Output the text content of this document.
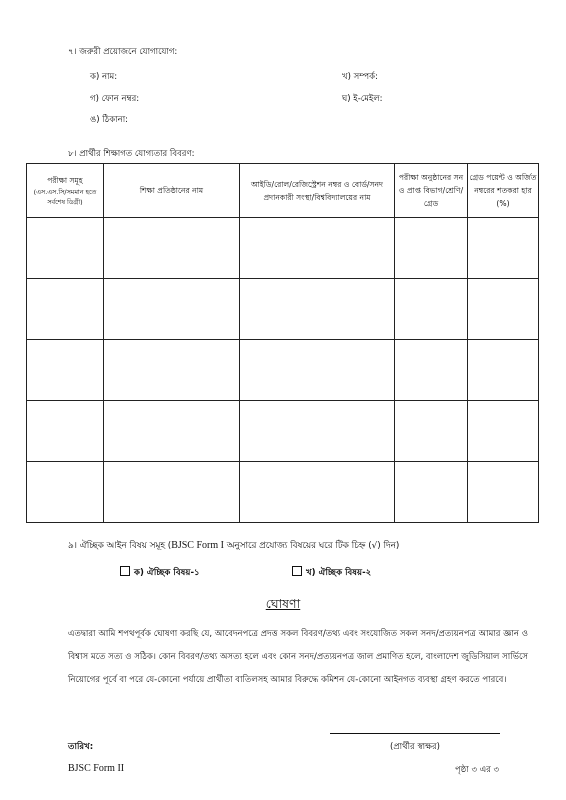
৭। জরুরী প্রয়োজনে যোগাযোগ:
ক) নাম:	খ) সম্পর্ক:
গ) ফোন নম্বর:	ঘ) ই-মেইল:
ঙ) ঠিকানা:
৮। প্রার্থীর শিক্ষাগত যোগ্যতার বিবরণ:
পরীক্ষা সমূহ
(এস.এস.সি/সমমান হতে সর্বশেষ ডিগ্রী)	শিক্ষা প্রতিষ্ঠানের নাম	আইডি/রোল/রেজিস্ট্রেশন নম্বর ও বোর্ড/সনদ প্রদানকারী সংস্থা/বিশ্ববিদ্যালয়ের নাম	পরীক্ষা অনুষ্ঠানের সন ও প্রাপ্ত বিভাগ/শ্রেণি/গ্রেড	গ্রেড পয়েন্ট ও অর্জিত নম্বরের শতকরা হার (%)

৯। ঐচ্ছিক আইন বিষয় সমূহ (BJSC Form I অনুসারে প্রযোজ্য বিষয়ের ঘরে টিক চিহ্ন (√) দিন)
ক) ঐচ্ছিক বিষয়-১	খ) ঐচ্ছিক বিষয়-২
ঘোষণা
এতদ্বারা আমি শপথপূর্বক ঘোষণা করছি যে, আবেদনপত্রে প্রদত্ত সকল বিবরণ/তথ্য এবং সংযোজিত সকল সনদ/প্রত্যয়নপত্র আমার জ্ঞান ও বিশ্বাস মতে সত্য ও সঠিক। কোন বিবরণ/তথ্য অসত্য হলে এবং কোন সনদ/প্রত্যয়নপত্র জাল প্রমাণিত হলে, বাংলাদেশ জুডিসিয়াল সার্ভিসে নিয়োগের পূর্বে বা পরে যে-কোনো পর্যায়ে প্রার্থীতা বাতিলসহ আমার বিরুদ্ধে কমিশন যে-কোনো আইনগত ব্যবস্থা গ্রহণ করতে পারবে।
তারিখ:	(প্রার্থীর স্বাক্ষর)
BJSC Form II	পৃষ্ঠা ৩ এর ৩
